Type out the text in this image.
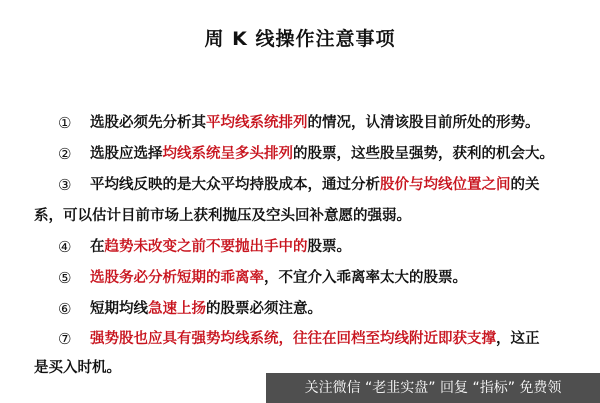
周 K 线操作注意事项
① 选股必须先分析其平均线系统排列的情况，认清该股目前所处的形势。
② 选股应选择均线系统呈多头排列的股票，这些股呈强势，获利的机会大。
③ 平均线反映的是大众平均持股成本，通过分析股价与均线位置之间的关
系，可以估计目前市场上获利抛压及空头回补意愿的强弱。
④ 在趋势未改变之前不要抛出手中的股票。
⑤ 选股务必分析短期的乖离率，不宜介入乖离率太大的股票。
⑥ 短期均线急速上扬的股票必须注意。
⑦ 强势股也应具有强势均线系统，往往在回档至均线附近即获支撑，这正
是买入时机。
关注微信 “老韭实盘” 回复 “指标” 免费领
